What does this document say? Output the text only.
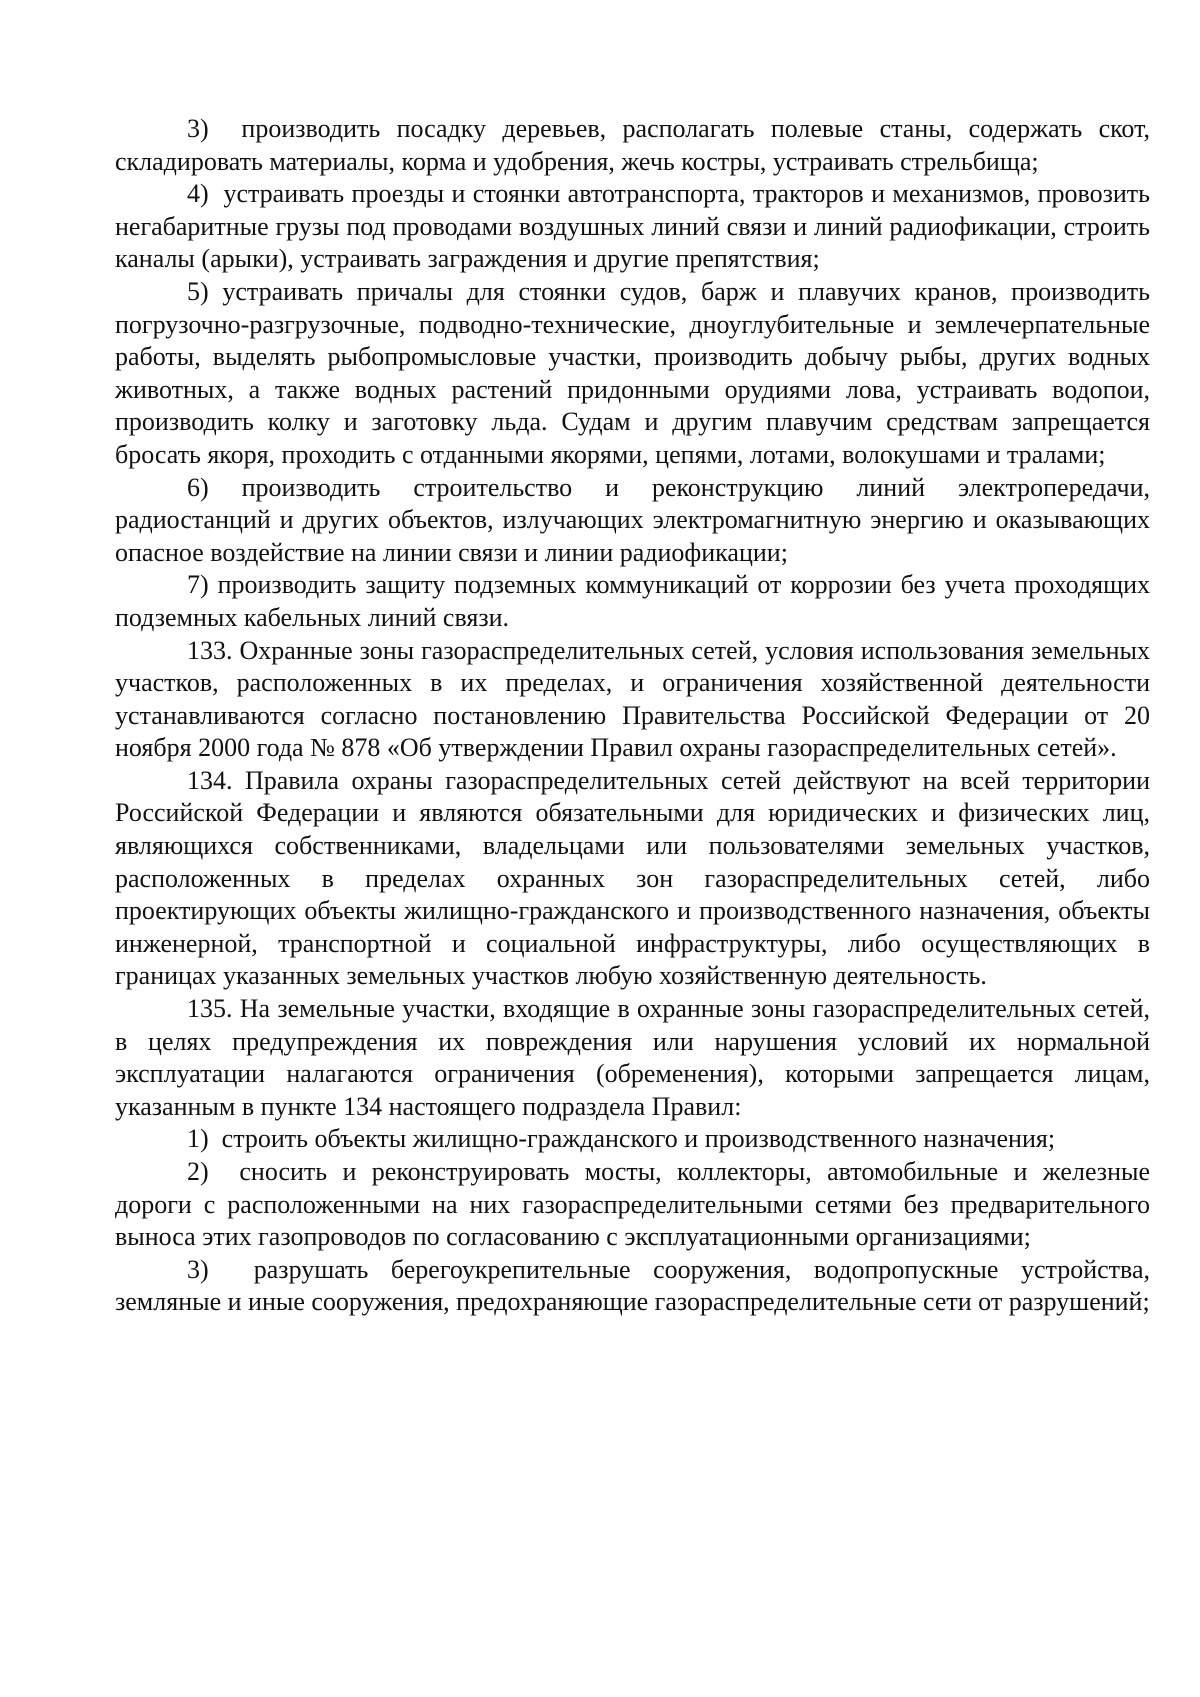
3)  производить посадку деревьев, располагать полевые станы, содержать скот, складировать материалы, корма и удобрения, жечь костры, устраивать стрельбища;

4)  устраивать проезды и стоянки автотранспорта, тракторов и механизмов, провозить негабаритные грузы под проводами воздушных линий связи и линий радиофикации, строить каналы (арыки), устраивать заграждения и другие препятствия;

5) устраивать причалы для стоянки судов, барж и плавучих кранов, производить погрузочно-разгрузочные, подводно-технические, дноуглубительные и землечерпательные работы, выделять рыбопромысловые участки, производить добычу рыбы, других водных животных, а также водных растений придонными орудиями лова, устраивать водопои, производить колку и заготовку льда. Судам и другим плавучим средствам запрещается бросать якоря, проходить с отданными якорями, цепями, лотами, волокушами и тралами;

6) производить строительство и реконструкцию линий электропередачи, радиостанций и других объектов, излучающих электромагнитную энергию и оказывающих опасное воздействие на линии связи и линии радиофикации;

7) производить защиту подземных коммуникаций от коррозии без учета проходящих подземных кабельных линий связи.

133. Охранные зоны газораспределительных сетей, условия использования земельных участков, расположенных в их пределах, и ограничения хозяйственной деятельности устанавливаются согласно постановлению Правительства Российской Федерации от 20 ноября 2000 года № 878 «Об утверждении Правил охраны газораспределительных сетей».

134. Правила охраны газораспределительных сетей действуют на всей территории Российской Федерации и являются обязательными для юридических и физических лиц, являющихся собственниками, владельцами или пользователями земельных участков, расположенных в пределах охранных зон газораспределительных сетей, либо проектирующих объекты жилищно-гражданского и производственного назначения, объекты инженерной, транспортной и социальной инфраструктуры, либо осуществляющих в границах указанных земельных участков любую хозяйственную деятельность.

135. На земельные участки, входящие в охранные зоны газораспределительных сетей, в целях предупреждения их повреждения или нарушения условий их нормальной эксплуатации налагаются ограничения (обременения), которыми запрещается лицам, указанным в пункте 134 настоящего подраздела Правил:

1)  строить объекты жилищно-гражданского и производственного назначения;

2)  сносить и реконструировать мосты, коллекторы, автомобильные и железные дороги с расположенными на них газораспределительными сетями без предварительного выноса этих газопроводов по согласованию с эксплуатационными организациями;

3)  разрушать берегоукрепительные сооружения, водопропускные устройства, земляные и иные сооружения, предохраняющие газораспределительные сети от разрушений;
